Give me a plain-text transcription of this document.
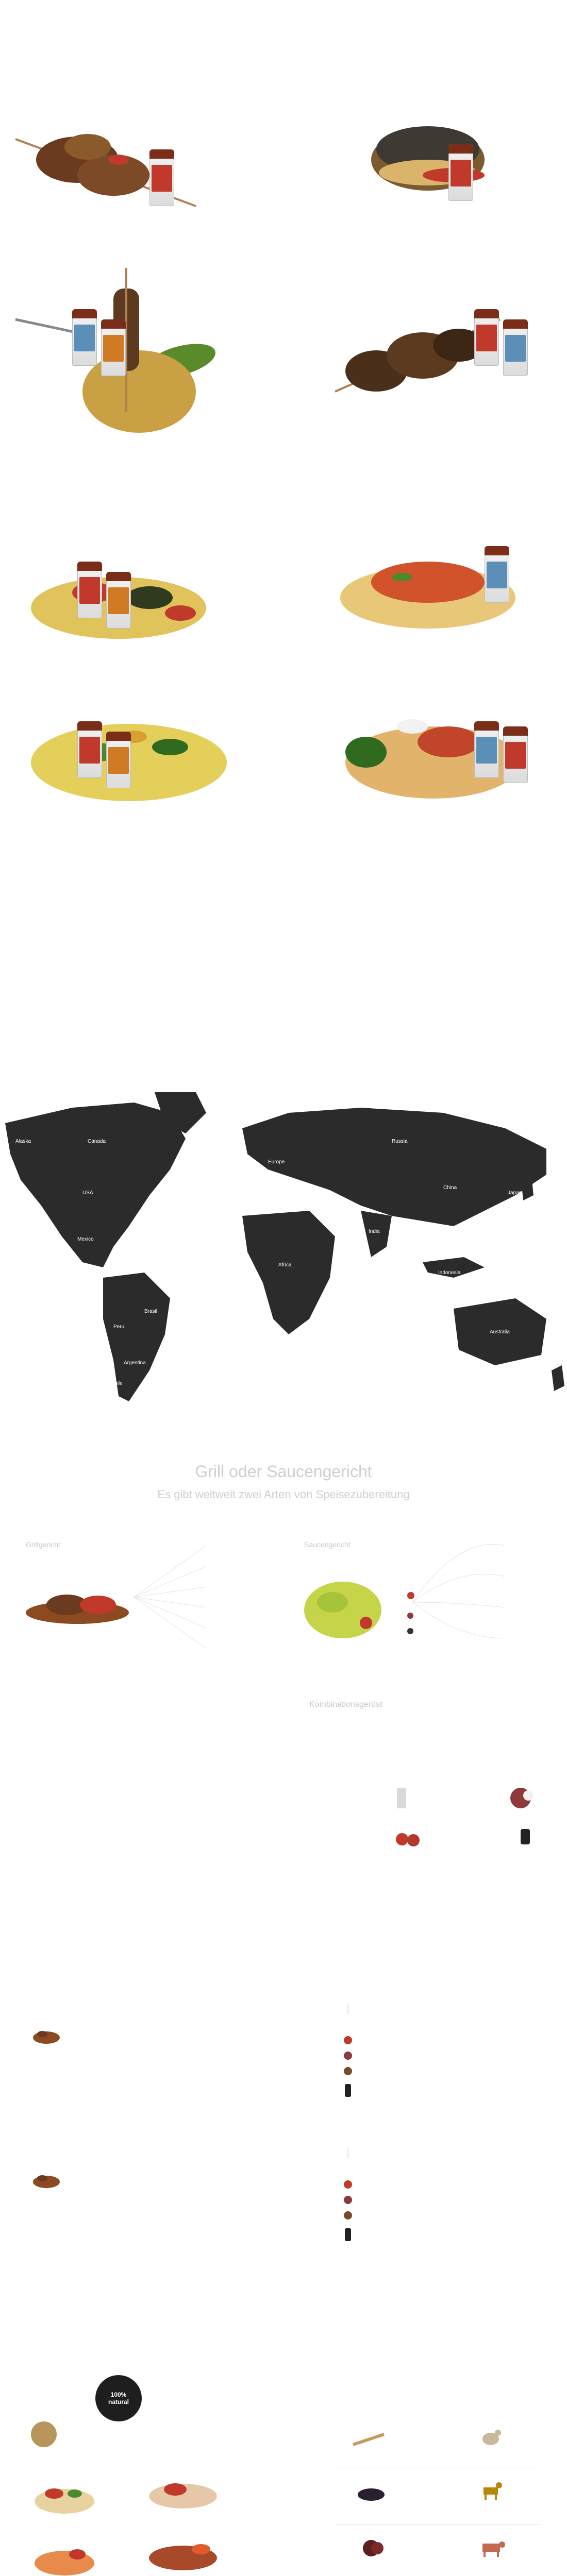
Alaska	Canada
USA
Mexico
Brasil
Peru
Argentina
Chile
Russia
Europe
Africa
India
China
Japan
Indonesia
Australia
New Zealand
Grill oder Saucengericht
Es gibt weltweit zwei Arten von Speisezubereitung
Grillgericht	Saucengericht
Kombinationsgerüst
100% natural
